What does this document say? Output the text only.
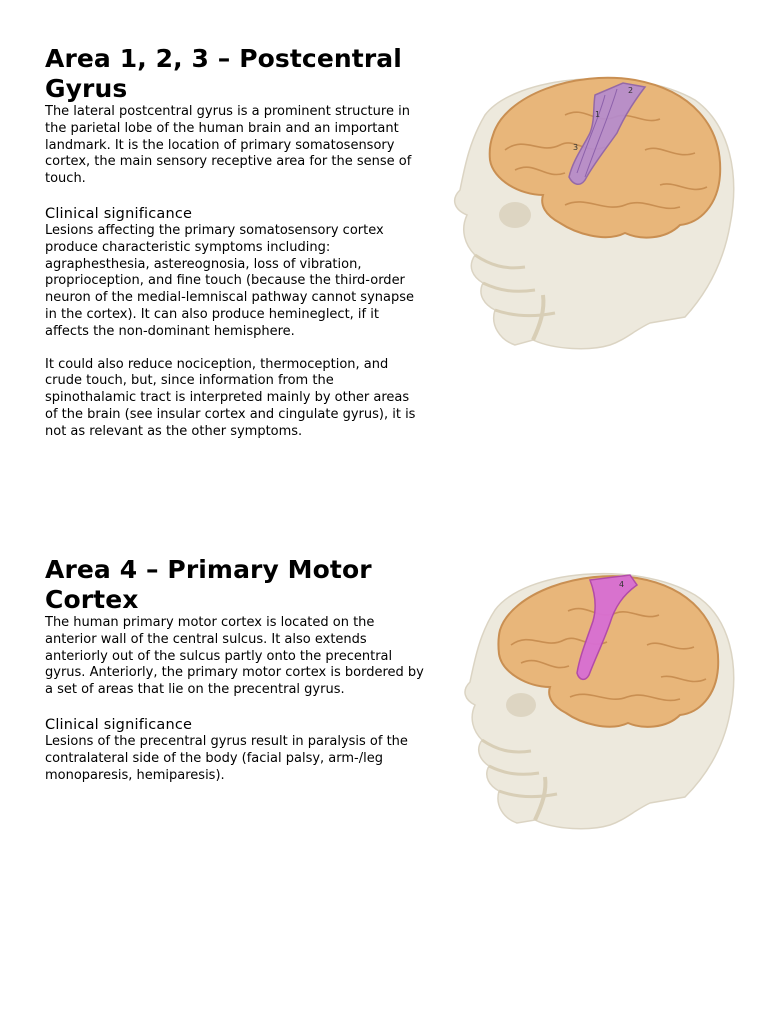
Area 1, 2, 3 – Postcentral Gyrus

The lateral postcentral gyrus is a prominent structure in the parietal lobe of the human brain and an important landmark. It is the location of primary somatosensory cortex, the main sensory receptive area for the sense of touch.

Clinical significance

Lesions affecting the primary somatosensory cortex produce characteristic symptoms including: agraphesthesia, astereognosia, loss of vibration, proprioception, and fine touch (because the third-order neuron of the medial-lemniscal pathway cannot synapse in the cortex). It can also produce hemineglect, if it affects the non-dominant hemisphere.

It could also reduce nociception, thermoception, and crude touch, but, since information from the spinothalamic tract is interpreted mainly by other areas of the brain (see insular cortex and cingulate gyrus), it is not as relevant as the other symptoms.

3
1
2
Area 4 – Primary Motor Cortex

The human primary motor cortex is located on the anterior wall of the central sulcus. It also extends anteriorly out of the sulcus partly onto the precentral gyrus. Anteriorly, the primary motor cortex is bordered by a set of areas that lie on the precentral gyrus.

Clinical significance

Lesions of the precentral gyrus result in paralysis of the contralateral side of the body (facial palsy, arm-/leg monoparesis, hemiparesis).

4
